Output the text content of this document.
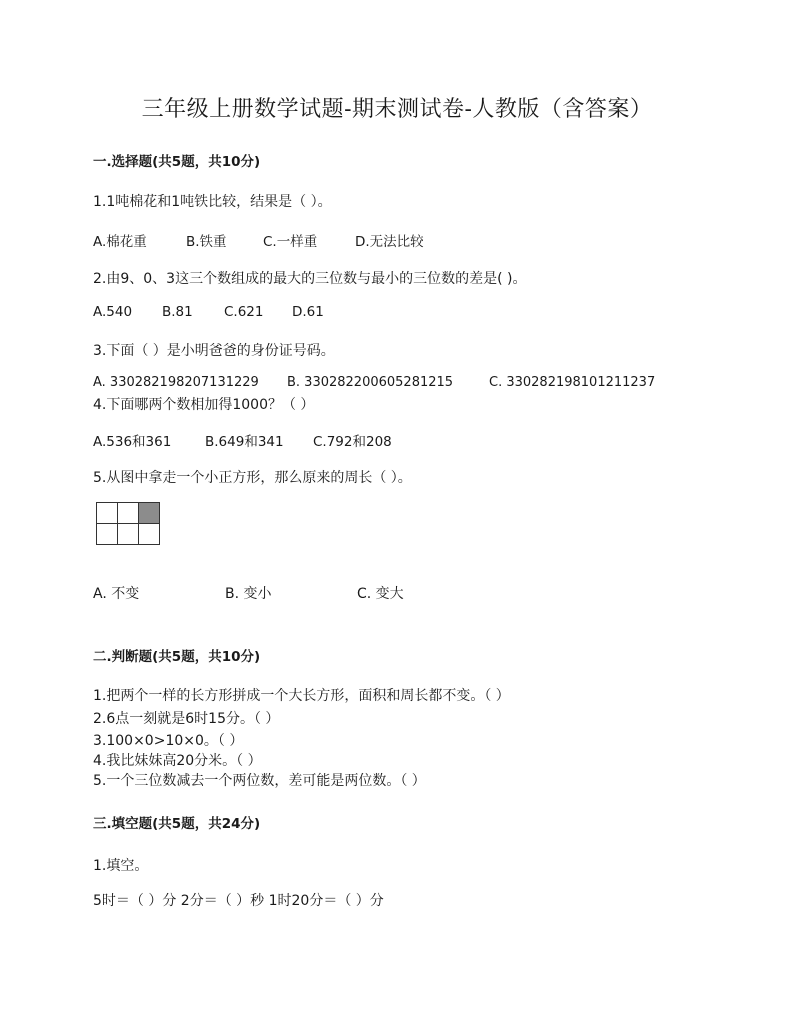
三年级上册数学试题-期末测试卷-人教版（含答案）
一.选择题(共5题，共10分)
1.1吨棉花和1吨铁比较，结果是（ ）。
A.棉花重	B.铁重	C.一样重	D.无法比较
2.由9、0、3这三个数组成的最大的三位数与最小的三位数的差是( )。
A.540 B.81 C.621 D.61
3.下面（ ）是小明爸爸的身份证号码。
A. 330282198207131229 B. 330282200605281215	C. 330282198101211237
4.下面哪两个数相加得1000？（ ）
A.536和361 B.649和341 C.792和208
5.从图中拿走一个小正方形，那么原来的周长（ ）。
A. 不变	B. 变小	C. 变大
二.判断题(共5题，共10分)
1.把两个一样的长方形拼成一个大长方形，面积和周长都不变。（ ）
2.6点一刻就是6时15分。（ ）
3.100×0>10×0。（ ）
4.我比妹妹高20分米。（ ）
5.一个三位数减去一个两位数，差可能是两位数。（ ）
三.填空题(共5题，共24分)
1.填空。
5时＝（ ）分 2分＝（ ）秒 1时20分＝（ ）分
